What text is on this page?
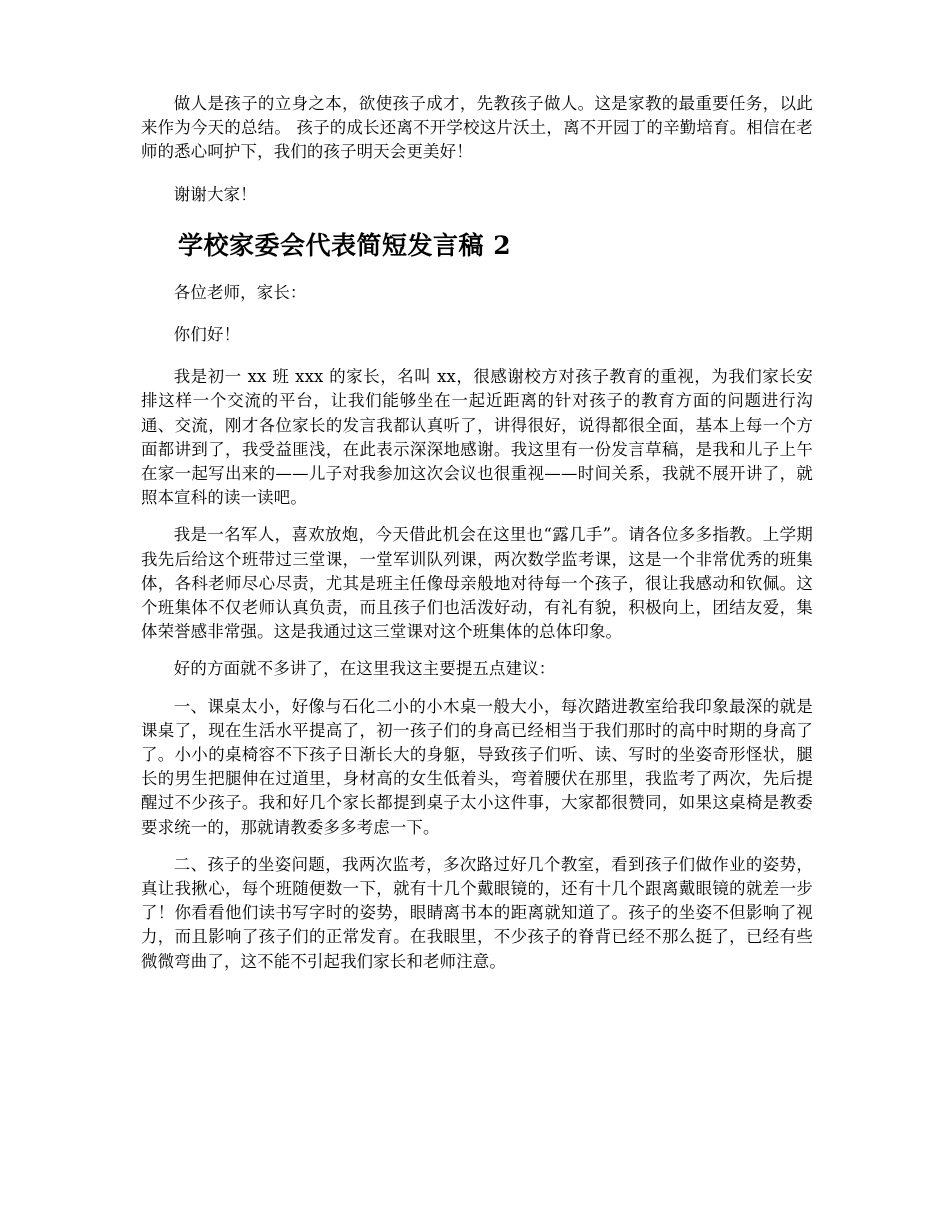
做人是孩子的立身之本，欲使孩子成才，先教孩子做人。这是家教的最重要任务，以此来作为今天的总结。 孩子的成长还离不开学校这片沃土，离不开园丁的辛勤培育。相信在老师的悉心呵护下，我们的孩子明天会更美好！

谢谢大家！

学校家委会代表简短发言稿 2

各位老师，家长：

你们好！

我是初一 xx 班 xxx 的家长，名叫 xx，很感谢校方对孩子教育的重视，为我们家长安排这样一个交流的平台，让我们能够坐在一起近距离的针对孩子的教育方面的问题进行沟通、交流，刚才各位家长的发言我都认真听了，讲得很好，说得都很全面，基本上每一个方面都讲到了，我受益匪浅，在此表示深深地感谢。我这里有一份发言草稿，是我和儿子上午在家一起写出来的——儿子对我参加这次会议也很重视——时间关系，我就不展开讲了，就照本宣科的读一读吧。

我是一名军人，喜欢放炮，今天借此机会在这里也“露几手”。请各位多多指教。上学期我先后给这个班带过三堂课，一堂军训队列课，两次数学监考课，这是一个非常优秀的班集体，各科老师尽心尽责，尤其是班主任像母亲般地对待每一个孩子，很让我感动和钦佩。这个班集体不仅老师认真负责，而且孩子们也活泼好动，有礼有貌，积极向上，团结友爱，集体荣誉感非常强。这是我通过这三堂课对这个班集体的总体印象。

好的方面就不多讲了，在这里我这主要提五点建议：

一、课桌太小，好像与石化二小的小木桌一般大小，每次踏进教室给我印象最深的就是课桌了，现在生活水平提高了，初一孩子们的身高已经相当于我们那时的高中时期的身高了了。小小的桌椅容不下孩子日渐长大的身躯，导致孩子们听、读、写时的坐姿奇形怪状，腿长的男生把腿伸在过道里，身材高的女生低着头，弯着腰伏在那里，我监考了两次，先后提醒过不少孩子。我和好几个家长都提到桌子太小这件事，大家都很赞同，如果这桌椅是教委要求统一的，那就请教委多多考虑一下。

二、孩子的坐姿问题，我两次监考，多次路过好几个教室，看到孩子们做作业的姿势，真让我揪心，每个班随便数一下，就有十几个戴眼镜的，还有十几个跟离戴眼镜的就差一步了！你看看他们读书写字时的姿势，眼睛离书本的距离就知道了。孩子的坐姿不但影响了视力，而且影响了孩子们的正常发育。在我眼里，不少孩子的脊背已经不那么挺了，已经有些微微弯曲了，这不能不引起我们家长和老师注意。
